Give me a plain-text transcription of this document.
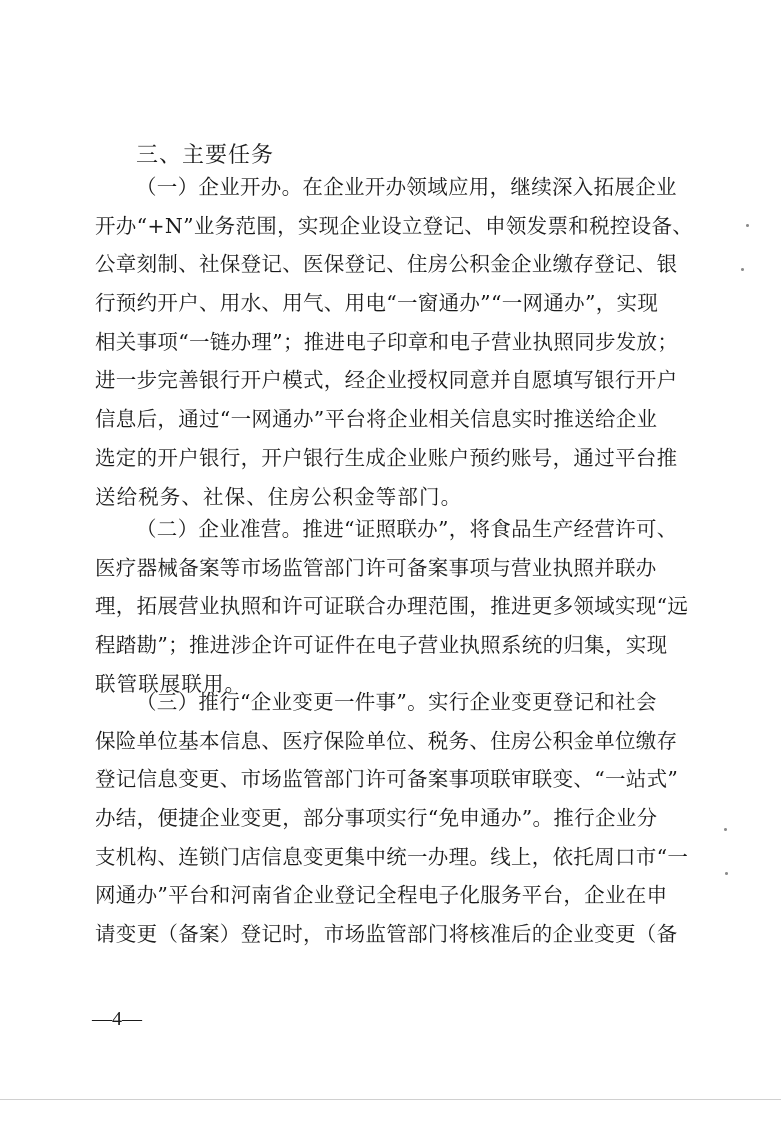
三、主要任务
（一）企业开办。在企业开办领域应用，继续深入拓展企业
开办“+N”业务范围，实现企业设立登记、申领发票和税控设备、
公章刻制、社保登记、医保登记、住房公积金企业缴存登记、银
行预约开户、用水、用气、用电“一窗通办”“一网通办”，实现
相关事项“一链办理”；推进电子印章和电子营业执照同步发放；
进一步完善银行开户模式，经企业授权同意并自愿填写银行开户
信息后，通过“一网通办”平台将企业相关信息实时推送给企业
选定的开户银行，开户银行生成企业账户预约账号，通过平台推
送给税务、社保、住房公积金等部门。
（二）企业准营。推进“证照联办”，将食品生产经营许可、
医疗器械备案等市场监管部门许可备案事项与营业执照并联办
理，拓展营业执照和许可证联合办理范围，推进更多领域实现“远
程踏勘”；推进涉企许可证件在电子营业执照系统的归集，实现
联管联展联用。
（三）推行“企业变更一件事”。实行企业变更登记和社会
保险单位基本信息、医疗保险单位、税务、住房公积金单位缴存
登记信息变更、市场监管部门许可备案事项联审联变、“一站式”
办结，便捷企业变更，部分事项实行“免申通办”。推行企业分
支机构、连锁门店信息变更集中统一办理。线上，依托周口市“一
网通办”平台和河南省企业登记全程电子化服务平台，企业在申
请变更（备案）登记时，市场监管部门将核准后的企业变更（备
—4—
